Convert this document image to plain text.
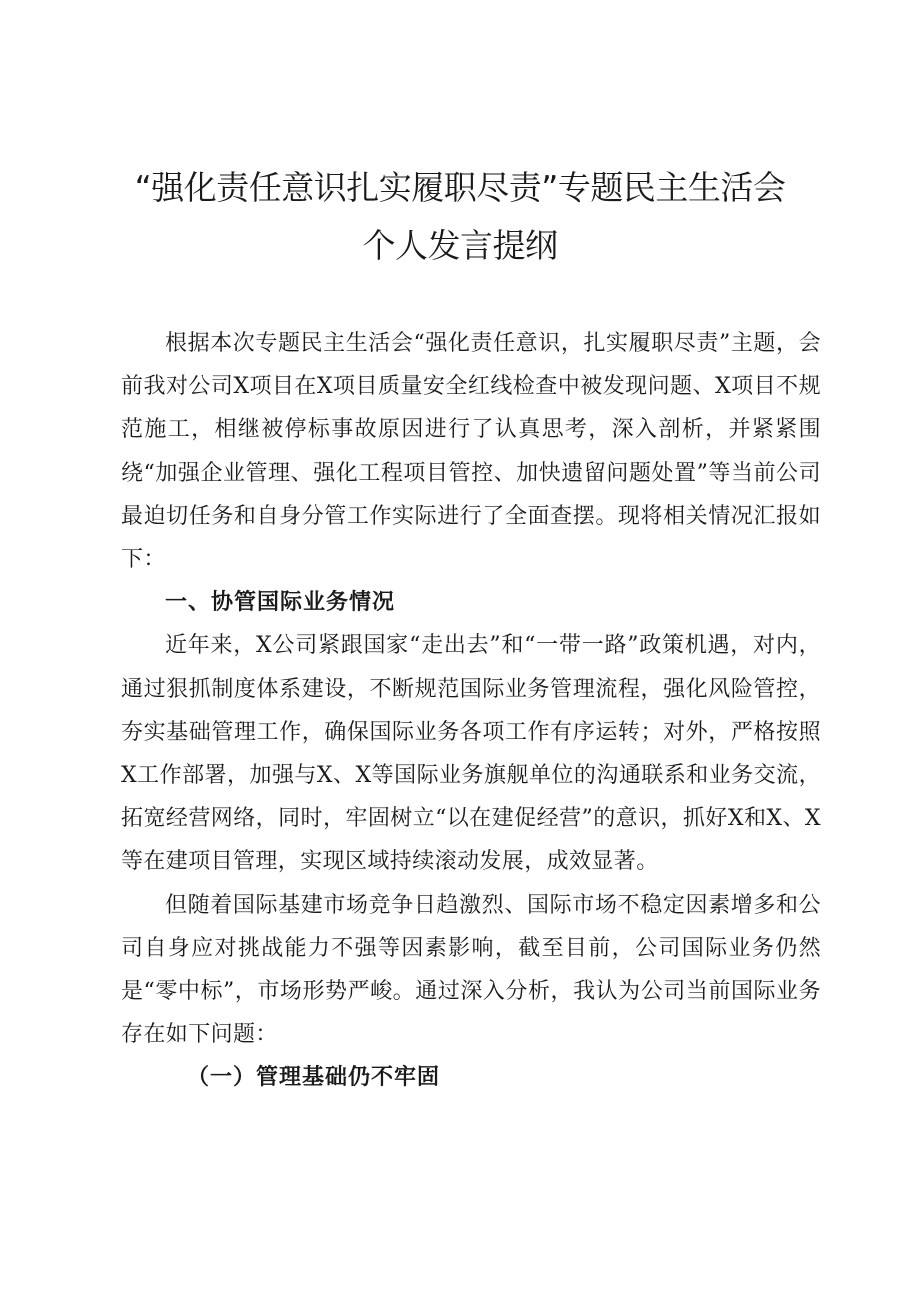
“强化责任意识扎实履职尽责”专题民主生活会
个人发言提纲

根据本次专题民主生活会“强化责任意识，扎实履职尽责”主题，会前我对公司X项目在X项目质量安全红线检查中被发现问题、X项目不规范施工，相继被停标事故原因进行了认真思考，深入剖析，并紧紧围绕“加强企业管理、强化工程项目管控、加快遗留问题处置”等当前公司最迫切任务和自身分管工作实际进行了全面查摆。现将相关情况汇报如下：

一、协管国际业务情况

近年来，X公司紧跟国家“走出去”和“一带一路”政策机遇，对内，通过狠抓制度体系建设，不断规范国际业务管理流程，强化风险管控，夯实基础管理工作，确保国际业务各项工作有序运转；对外，严格按照X工作部署，加强与X、X等国际业务旗舰单位的沟通联系和业务交流，拓宽经营网络，同时，牢固树立“以在建促经营”的意识，抓好X和X、X等在建项目管理，实现区域持续滚动发展，成效显著。

但随着国际基建市场竞争日趋激烈、国际市场不稳定因素增多和公司自身应对挑战能力不强等因素影响，截至目前，公司国际业务仍然是“零中标”，市场形势严峻。通过深入分析，我认为公司当前国际业务存在如下问题：

（一）管理基础仍不牢固
